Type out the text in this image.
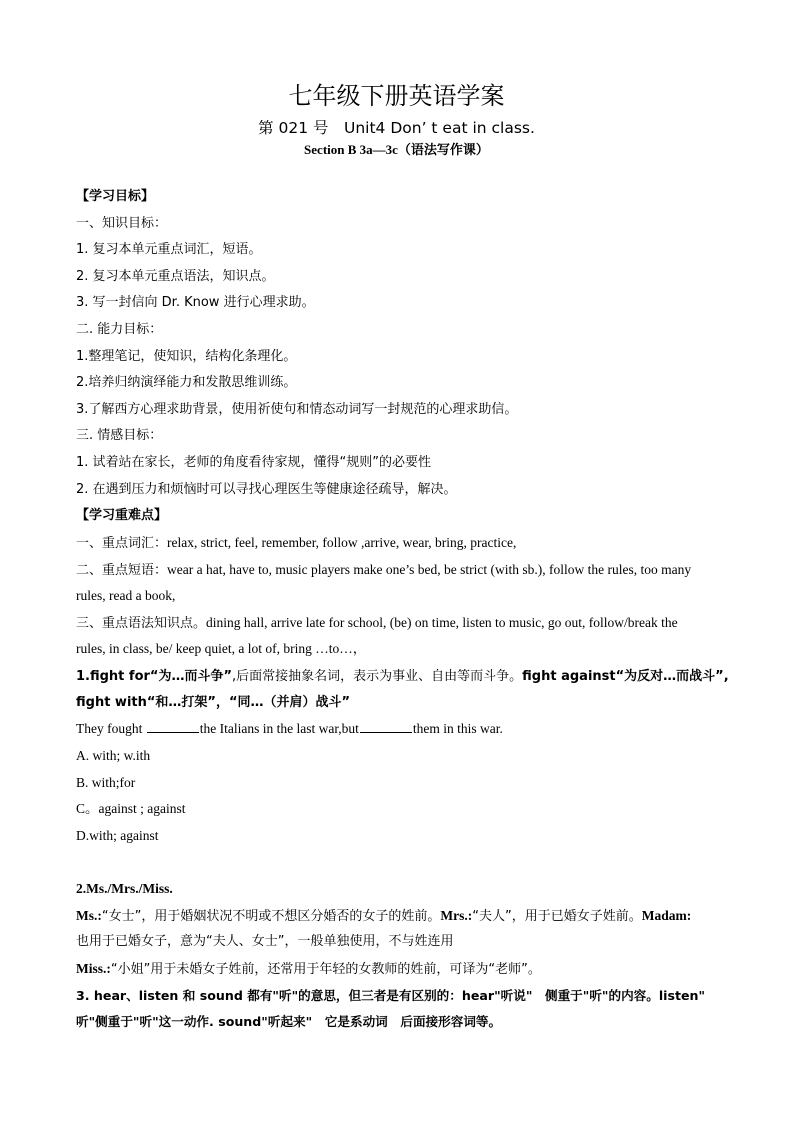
七年级下册英语学案
第 021 号　Unit4 Don’ t eat in class.
Section B 3a—3c（语法写作课）
【学习目标】
一、知识目标：
1. 复习本单元重点词汇，短语。
2. 复习本单元重点语法，知识点。
3. 写一封信向 Dr. Know 进行心理求助。
二. 能力目标：
1.整理笔记，使知识，结构化条理化。
2.培养归纳演绎能力和发散思维训练。
3.了解西方心理求助背景，使用祈使句和情态动词写一封规范的心理求助信。
三. 情感目标：
1. 试着站在家长，老师的角度看待家规，懂得“规则”的必要性
2. 在遇到压力和烦恼时可以寻找心理医生等健康途径疏导，解决。
【学习重难点】
一、重点词汇：relax, strict, feel, remember, follow ,arrive, wear, bring, practice,
二、重点短语：wear a hat, have to, music players make one’s bed, be strict (with sb.), follow the rules, too many
rules, read a book,
三、重点语法知识点。dining hall, arrive late for school, (be) on time, listen to music, go out, follow/break the
rules, in class, be/ keep quiet, a lot of, bring …to…，
1.fight for“为…而斗争”,后面常接抽象名词，表示为事业、自由等而斗争。fight against“为反对…而战斗”,
fight with“和…打架”，“同…（并肩）战斗”
They fought	the Italians in the last war,but	them in this war.
A. with; w.ith
B. with;for
C。against ; against
D.with; against
2.Ms./Mrs./Miss.
Ms.:“女士”，用于婚姻状况不明或不想区分婚否的女子的姓前。Mrs.:“夫人”，用于已婚女子姓前。Madam:
也用于已婚女子，意为“夫人、女士”，一般单独使用，不与姓连用
Miss.:“小姐”用于未婚女子姓前，还常用于年轻的女教师的姓前，可译为“老师”。
3. hear、listen 和 sound 都有"听"的意思，但三者是有区别的：hear"听说"　侧重于"听"的内容。listen"
听"侧重于"听"这一动作. sound"听起来"　它是系动词　后面接形容词等。
